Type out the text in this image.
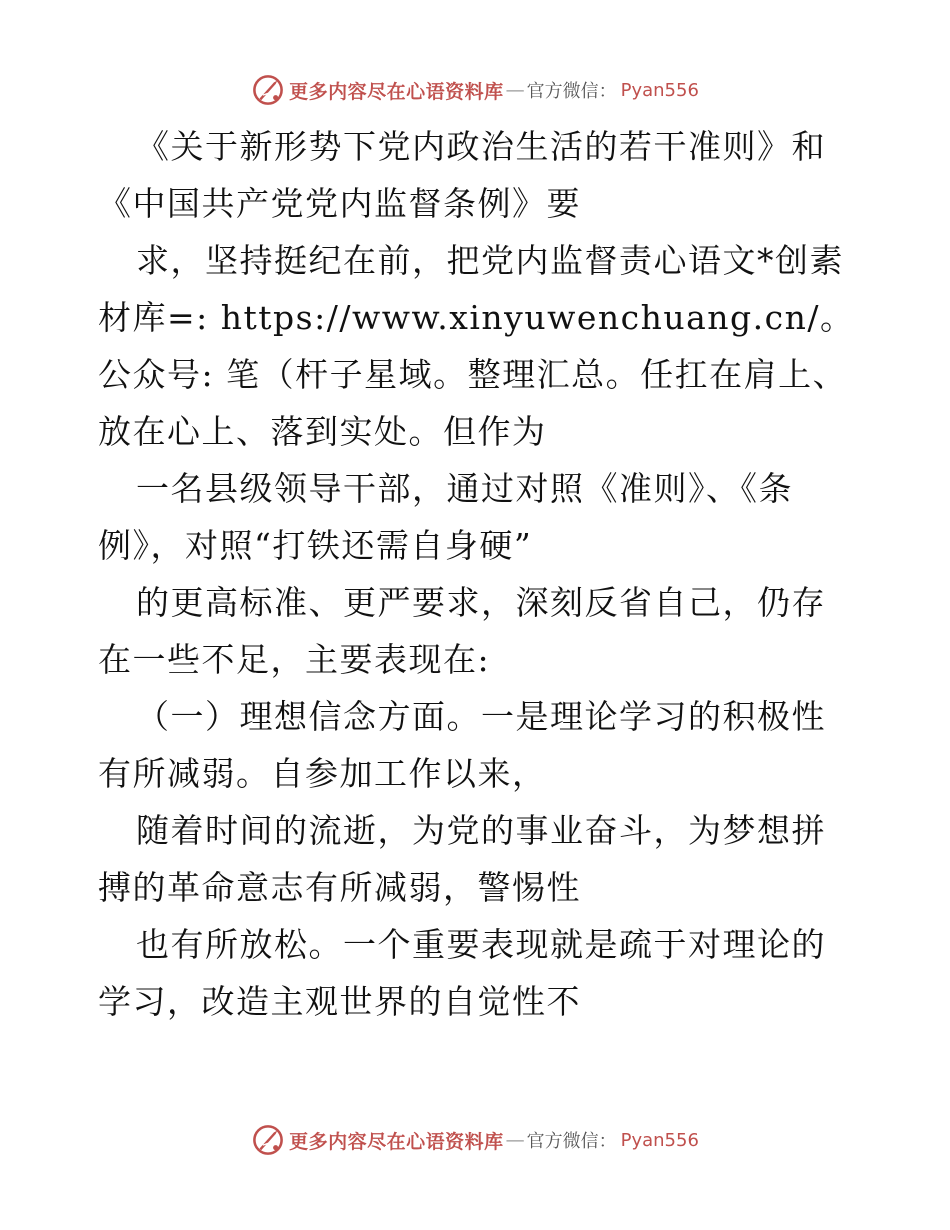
更多内容尽在心语资料库 — 官方微信： Pyan556

《关于新形势下党内政治生活的若干准则》和《中国共产党党内监督条例》要

求，坚持挺纪在前，把党内监督责心语文*创素材库=: https://www.xinyuwenchuang.cn/。公众号: 笔（杆子星域。整理汇总。任扛在肩上、放在心上、落到实处。但作为

一名县级领导干部，通过对照《准则》、《条例》，对照“打铁还需自身硬”

的更高标准、更严要求，深刻反省自己，仍存在一些不足，主要表现在:

（一）理想信念方面。一是理论学习的积极性有所减弱。自参加工作以来，

随着时间的流逝，为党的事业奋斗，为梦想拼搏的革命意志有所减弱，警惕性

也有所放松。一个重要表现就是疏于对理论的学习，改造主观世界的自觉性不

更多内容尽在心语资料库 — 官方微信： Pyan556
